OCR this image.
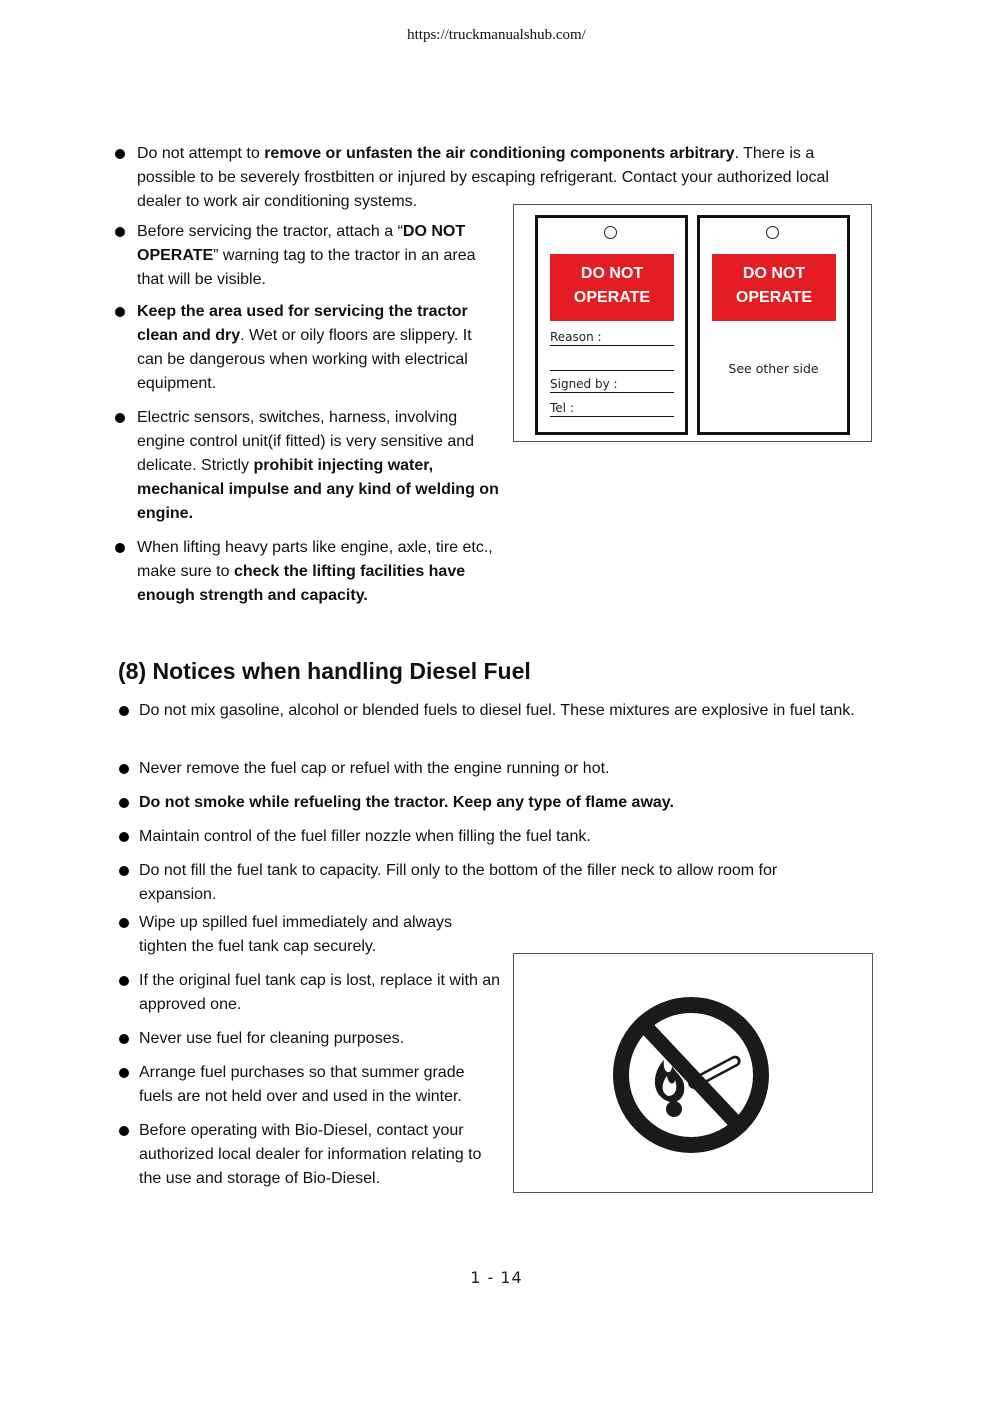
https://truckmanualshub.com/

Do not attempt to remove or unfasten the air conditioning components arbitrary. There is a possible to be severely frostbitten or injured by escaping refrigerant. Contact your authorized local dealer to work air conditioning systems.

Before servicing the tractor, attach a “DO NOT OPERATE” warning tag to the tractor in an area that will be visible.

Keep the area used for servicing the tractor clean and dry. Wet or oily floors are slippery. It can be dangerous when working with electrical equipment.

Electric sensors, switches, harness, involving engine control unit(if fitted) is very sensitive and delicate. Strictly prohibit injecting water, mechanical impulse and any kind of welding on engine.

When lifting heavy parts like engine, axle, tire etc., make sure to check the lifting facilities have enough strength and capacity.

DO NOT
OPERATE
Reason :
Signed by :
Tel :
DO NOT
OPERATE
See other side
(8) Notices when handling Diesel Fuel

Do not mix gasoline, alcohol or blended fuels to diesel fuel. These mixtures are explosive in fuel tank.

Never remove the fuel cap or refuel with the engine running or hot.

Do not smoke while refueling the tractor. Keep any type of flame away.

Maintain control of the fuel filler nozzle when filling the fuel tank.

Do not fill the fuel tank to capacity. Fill only to the bottom of the filler neck to allow room for expansion.

Wipe up spilled fuel immediately and always tighten the fuel tank cap securely.

If the original fuel tank cap is lost, replace it with an approved one.

Never use fuel for cleaning purposes.

Arrange fuel purchases so that summer grade fuels are not held over and used in the winter.

Before operating with Bio-Diesel, contact your authorized local dealer for information relating to the use and storage of Bio-Diesel.

1 - 14
